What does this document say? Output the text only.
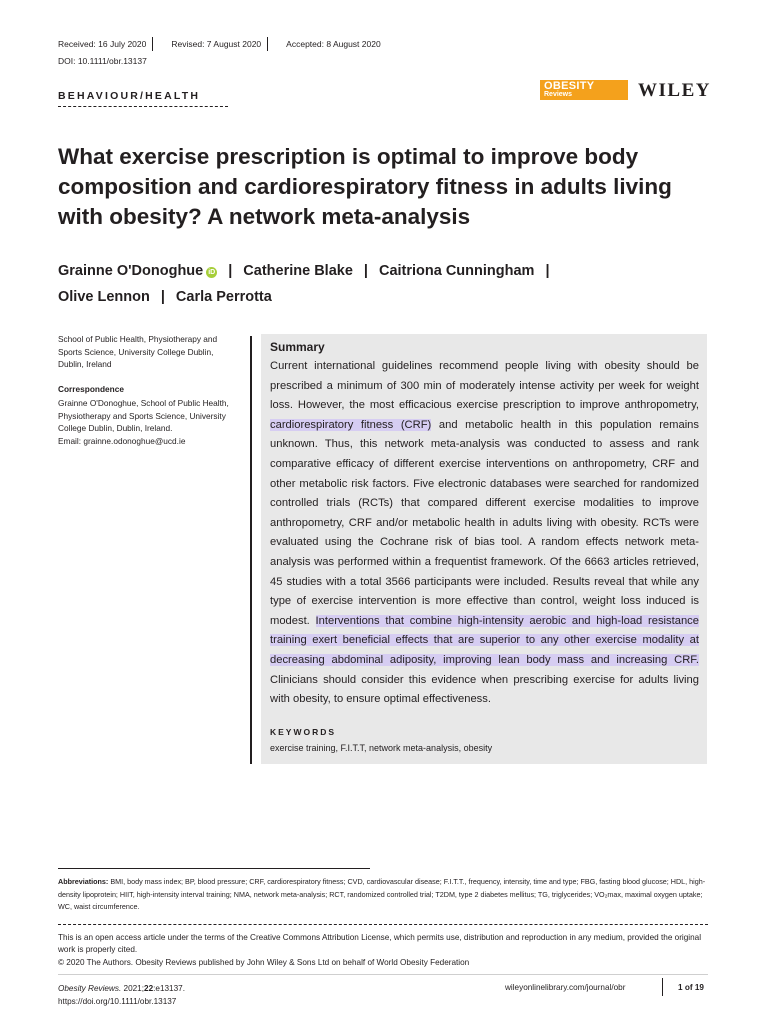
Received: 16 July 2020	Revised: 7 August 2020	Accepted: 8 August 2020
DOI: 10.1111/obr.13137
BEHAVIOUR/HEALTH
OBESITY
Reviews	WILEY
What exercise prescription is optimal to improve body composition and cardiorespiratory fitness in adults living with obesity? A network meta-analysis
Grainne O'Donoghue iD | Catherine Blake | Caitriona Cunningham |
Olive Lennon | Carla Perrotta
School of Public Health, Physiotherapy and Sports Science, University College Dublin, Dublin, Ireland
Correspondence
Grainne O'Donoghue, School of Public Health, Physiotherapy and Sports Science, University College Dublin, Dublin, Ireland.
Email: grainne.odonoghue@ucd.ie
Summary
Current international guidelines recommend people living with obesity should be prescribed a minimum of 300 min of moderately intense activity per week for weight loss. However, the most efficacious exercise prescription to improve anthropometry, cardiorespiratory fitness (CRF) and metabolic health in this population remains unknown. Thus, this network meta-analysis was conducted to assess and rank comparative efficacy of different exercise interventions on anthropometry, CRF and other metabolic risk factors. Five electronic databases were searched for randomized controlled trials (RCTs) that compared different exercise modalities to improve anthropometry, CRF and/or metabolic health in adults living with obesity. RCTs were evaluated using the Cochrane risk of bias tool. A random effects network meta-analysis was performed within a frequentist framework. Of the 6663 articles retrieved, 45 studies with a total 3566 participants were included. Results reveal that while any type of exercise intervention is more effective than control, weight loss induced is modest. Interventions that combine high-intensity aerobic and high-load resistance training exert beneficial effects that are superior to any other exercise modality at decreasing abdominal adiposity, improving lean body mass and increasing CRF. Clinicians should consider this evidence when prescribing exercise for adults living with obesity, to ensure optimal effectiveness.
KEYWORDS
exercise training, F.I.T.T, network meta-analysis, obesity
Abbreviations: BMI, body mass index; BP, blood pressure; CRF, cardiorespiratory fitness; CVD, cardiovascular disease; F.I.T.T., frequency, intensity, time and type; FBG, fasting blood glucose; HDL, high-density lipoprotein; HIIT, high-intensity interval training; NMA, network meta-analysis; RCT, randomized controlled trial; T2DM, type 2 diabetes mellitus; TG, triglycerides; VO₂max, maximal oxygen uptake; WC, waist circumference.
This is an open access article under the terms of the Creative Commons Attribution License, which permits use, distribution and reproduction in any medium, provided the original work is properly cited.
© 2020 The Authors. Obesity Reviews published by John Wiley & Sons Ltd on behalf of World Obesity Federation
Obesity Reviews. 2021;22:e13137.
https://doi.org/10.1111/obr.13137
wileyonlinelibrary.com/journal/obr	1 of 19
